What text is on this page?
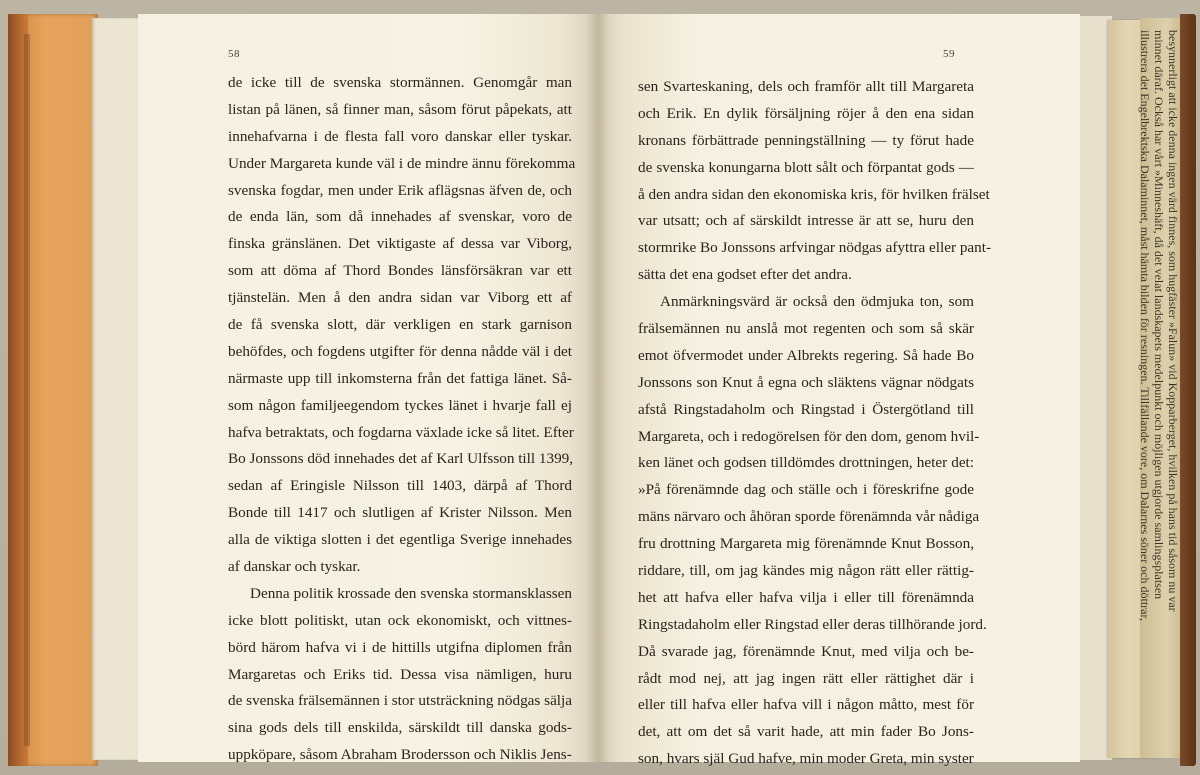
58
de icke till de svenska stormännen. Genomgår man
listan på länen, så finner man, såsom förut påpekats, att
innehafvarna i de flesta fall voro danskar eller tyskar.
Under Margareta kunde väl i de mindre ännu förekomma
svenska fogdar, men under Erik aflägsnas äfven de, och
de enda län, som då innehades af svenskar, voro de
finska gränslänen. Det viktigaste af dessa var Viborg,
som att döma af Thord Bondes länsförsäkran var ett
tjänstelän. Men å den andra sidan var Viborg ett af
de få svenska slott, där verkligen en stark garnison
behöfdes, och fogdens utgifter för denna nådde väl i det
närmaste upp till inkomsterna från det fattiga länet. Så-
som någon familjeegendom tyckes länet i hvarje fall ej
hafva betraktats, och fogdarna växlade icke så litet. Efter
Bo Jonssons död innehades det af Karl Ulfsson till 1399,
sedan af Eringisle Nilsson till 1403, därpå af Thord
Bonde till 1417 och slutligen af Krister Nilsson. Men
alla de viktiga slotten i det egentliga Sverige innehades
af danskar och tyskar.
Denna politik krossade den svenska stormansklassen
icke blott politiskt, utan ock ekonomiskt, och vittnes-
börd härom hafva vi i de hittills utgifna diplomen från
Margaretas och Eriks tid. Dessa visa nämligen, huru
de svenska frälsemännen i stor utsträckning nödgas sälja
sina gods dels till enskilda, särskildt till danska gods-
uppköpare, såsom Abraham Brodersson och Niklis Jens-
59
sen Svarteskaning, dels och framför allt till Margareta
och Erik. En dylik försäljning röjer å den ena sidan
kronans förbättrade penningställning — ty förut hade
de svenska konungarna blott sålt och förpantat gods —
å den andra sidan den ekonomiska kris, för hvilken frälset
var utsatt; och af särskildt intresse är att se, huru den
stormrike Bo Jonssons arfvingar nödgas afyttra eller pant-
sätta det ena godset efter det andra.
Anmärkningsvärd är också den ödmjuka ton, som
frälsemännen nu anslå mot regenten och som så skär
emot öfvermodet under Albrekts regering. Så hade Bo
Jonssons son Knut å egna och släktens vägnar nödgats
afstå Ringstadaholm och Ringstad i Östergötland till
Margareta, och i redogörelsen för den dom, genom hvil-
ken länet och godsen tilldömdes drottningen, heter det:
»På förenämnde dag och ställe och i föreskrifne gode
mäns närvaro och åhöran sporde förenämnda vår nådiga
fru drottning Margareta mig förenämnde Knut Bosson,
riddare, till, om jag kändes mig någon rätt eller rättig-
het att hafva eller hafva vilja i eller till förenämnda
Ringstadaholm eller Ringstad eller deras tillhörande jord.
Då svarade jag, förenämnde Knut, med vilja och be-
rådt mod nej, att jag ingen rätt eller rättighet där i
eller till hafva eller hafva vill i någon måtto, mest för
det, att om det så varit hade, att min fader Bo Jons-
son, hvars själ Gud hafve, min moder Greta, min syster
besynnerligt att icke denna ingen värd finnes, som hugfäster »Falun» vid Kopparberget, hvilken på hans tid såsom nu var
minnet däraf. Också har vårt »Minneshäft, då det velat landskapets medelpunkt och möjligen utgjorde samlingsplatsen
illustrera det Engelbrektska Dalaminnet, måst hämta bilden för resningen. Tillfällande vore, om Dalarnes söner och döttrar,
